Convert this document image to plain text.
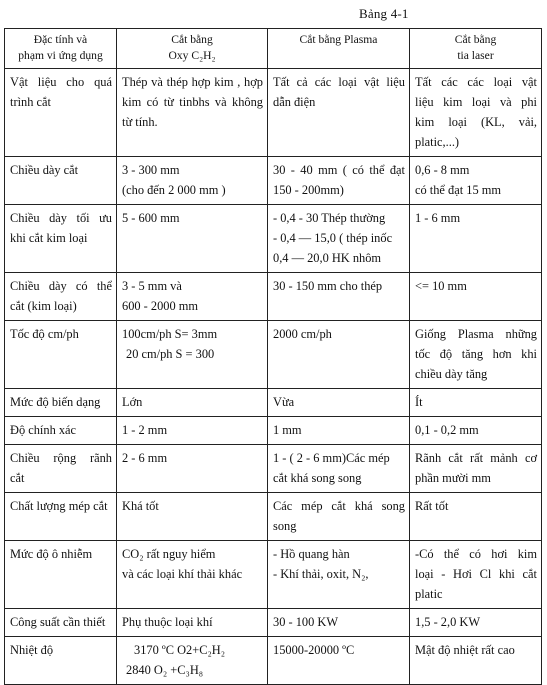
Bảng 4-1
Đặc tính và
phạm vi ứng dụng	Cắt bằng
Oxy C₂H₂	Cắt bằng Plasma	Cắt bằng
tia laser

Vật liệu cho quá
trình cắt	Thép và thép hợp kim , hợp
kim có từ tinbhs và không
từ tính.	Tất cả các loại vật liệu
dẫn điện	Tất các các loại vật
liệu kim loại và phi
kim loại (KL, vải,
platic,...)

Chiều dày cắt	3 - 300 mm
(cho đến 2 000 mm )	30 - 40 mm ( có thể đạt
150 - 200mm)	0,6 - 8 mm
có thể đạt 15 mm

Chiều dày tối ưu
khi cắt kim loại	5 - 600 mm	- 0,4 - 30 Thép thường
- 0,4 — 15,0 ( thép inốc
0,4 — 20,0 HK nhôm	1 - 6 mm

Chiều dày có thể
cắt (kim loại)	3 - 5 mm và
600 - 2000 mm	30 - 150 mm cho thép	<= 10 mm

Tốc độ cm/ph	100cm/ph S= 3mm
20 cm/ph S = 300	2000 cm/ph	Giống Plasma những
tốc độ tăng hơn khi
chiều dày tăng

Mức độ biến dạng	Lớn	Vừa	Ít

Độ chính xác	1 - 2 mm	1 mm	0,1 - 0,2 mm

Chiều rộng rãnh
cắt	2 - 6 mm	1 - ( 2 - 6 mm)Các mép
cắt khá song song	Rãnh cắt rất mảnh cơ
phần mười mm

Chất lượng mép cắt	Khá tốt	Các mép cắt khá song
song	Rất tốt

Mức độ ô nhiễm	CO₂ rất nguy hiểm
và các loại khí thải khác	- Hồ quang hàn
- Khí thải, oxit, N₂,	-Có thể có hơi kim
loại - Hơi Cl khi cắt
platic

Công suất cần thiết	Phụ thuộc loại khí	30 - 100 KW	1,5 - 2,0 KW

Nhiệt độ	3170 ºC O2+C₂H₂
2840 O₂ +C₃H₈	15000-20000 ºC	Mật độ nhiệt rất cao
